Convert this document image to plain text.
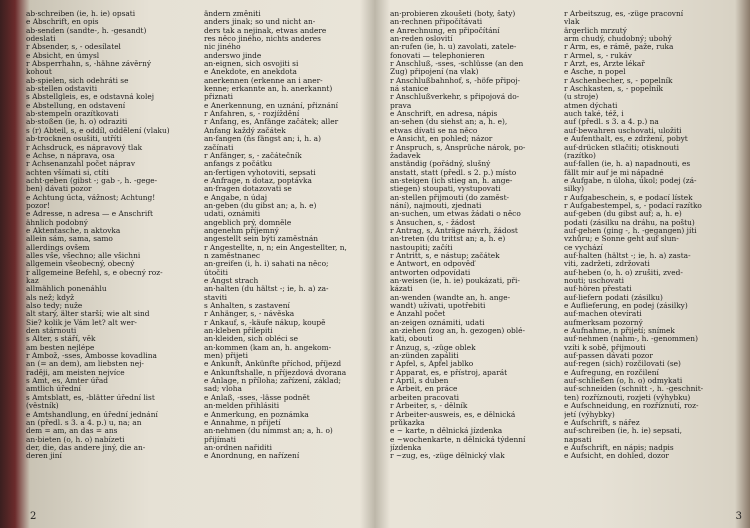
ab·schreiben (ie, h. ie) opsati
e Abschrift, en opis
ab·senden (sandte-, h. -gesandt)
odeslati
r Absender, s, - odesílatel
e Absicht, en úmysl
r Absperrhahn, s, -hähne závěrný
kohout
ab·spielen, sich odehráti se
ab·stellen odstaviti
s Abstellgleis, es, e odstavná kolej
e Abstellung, en odstavení
ab·stempeln orazítkovati
ab·stoßen (ie, h. o) odraziti
s (r) Abteil, s, e oddíl, oddělení (vlaku)
ab·trocknen osušiti, utříti
r Achsdruck, es nápravový tlak
e Achse, n náprava, osa
r Achsenanzahl počet náprav
achten všímati si, ctíti
acht·geben (gibst -; gab -, h. -gege-
ben) dávati pozor
e Achtung úcta, vážnost; Achtung!
pozor!
e Adresse, n adresa — e Anschrift
ähnlich podobný
e Aktentasche, n aktovka
allein sám, sama, samo
allerdings ovšem
alles vše, všechno; alle všichni
allgemein všeobecný, obecný
r allgemeine Befehl, s, e obecný roz-
kaz
allmählich ponenáhlu
als než; když
also tedy; nuže
alt starý, älter starší; wie alt sind
Sie? kolik je Vám let? alt wer-
den stárnouti
s Alter, s stáří, věk
am besten nejlépe
r Ambož, -sses, Ambosse kovadlina
an (= an dem), am liebsten nej-
raději, am meisten nejvíce
s Amt, es, Ämter úřad
amtlich úřední
s Amtsblatt, es, -blätter úřední list
(věstník)
e Amtshandlung, en úřední jednání
an (předl. s 3. a 4. p.) u, na; an
dem = am, an das = ans
an·bieten (o, h. o) nabízeti
der, die, das andere jiný, die an-
deren jiní
ändern změniti
anders jinak; so und nicht an-
ders tak a nejinak, etwas andere
res něco jiného, nichts anderes
nic jiného
anderswo jinde
an·eignen, sich osvojiti si
e Anekdote, en anekdota
anerkennen (erkenne an i aner-
kenne; erkannte an, h. anerkannt)
přiznati
e Anerkennung, en uznání, přiznání
r Anfahren, s, - rozjíždění
r Anfang, es, Anfänge začátek; aller
Anfang každý začátek
an·fangen (ňs fängst an; i, h. a)
začínati
r Anfänger, s, - začátečník
anfangs z počátku
an·fertigen vyhotoviti, sepsati
e Anfrage, n dotaz, poptávka
an·fragen dotazovati se
e Angabe, n údaj
an·geben (du gibst an; a, h. e)
udati, oznámiti
angeblich prý, domněle
angenehm příjemný
angestellt sein býti zaměstnán
r Angestellte, n, n; ein Angestellter, n,
n zaměstnanec
an·greifen (i, h. i) sahati na něco;
útočiti
e Angst strach
an·halten (du hältst -; ie, h. a) za-
staviti
s Anhalten, s zastavení
r Anhänger, s, - návěska
r Ankauf, s, -käufe nákup, koupě
an·kleben přilepiti
an·kleiden, sich obléci se
an·kommen (kam an, h. angekom-
men) přijeti
e Ankunft, Ankünfte příchod, příjezd
e Ankunftshalle, n příjezdová dvorana
e Anlage, n příloha; zařízení, základ;
sad; vloha
e Anlaß, -sses, -lässe podnět
an·melden přihlásiti
e Anmerkung, en poznámka
e Annahme, n přijetí
an·nehmen (du nimmst an; a, h. o)
přijímati
an·ordnen nařiditi
e Anordnung, en nařízení
2
an·probieren zkoušeti (boty, šaty)
an·rechnen připočítávati
e Anrechnung, en připočítání
an·reden oslovití
an·rufen (ie, h. u) zavolati, zatele-
fonovati — telephonieren
r Anschluß, -sses, -schlüsse (an den
Zug) připojení (na vlak)
r Anschlußbahnhof, s, -höfe připoj-
ná stanice
r Anschlußverkehr, s připojová do-
prava
e Anschrift, en adresa, nápis
an·sehen (du siehst an; a, h. e),
etwas dívati se na něco
e Ansicht, en pohled; názor
r Anspruch, s, Ansprüche nárok, po-
žadavek
anständig (pořádný, slušný
anstatt, statt (předl. s 2. p.) místo
an·steigen (ich stieg an, h. ange-
stiegen) stoupati, vystupovati
an·stellen přijmouti (do zaměst-
nání), najmouti, zjednati
an·suchen, um etwas žádati o něco
s Ansuchen, s, - žádost
r Antrag, s, Anträge návrh, žádost
an·treten (du trittst an; a, h. e)
nastoupiti; začíti
r Antritt, s, e nástup; začátek
e Antwort, en odpověď
antworten odpovídati
an·weisen (ie, h. ie) poukázati, při-
kázati
an·wenden (wandte an, h. ange-
wandt) užívati, upotřebiti
e Anzahl počet
an·zeigen oznámiti, udati
an·ziehen (zog an, h. gezogen) oblé-
kati, obouti
r Anzug, s, -züge oblek
an·zünden zapáliti
r Apfel, s, Äpfel jablko
r Apparat, es, e přístroj, aparát
r April, s duben
e Arbeit, en práce
arbeiten pracovati
r Arbeiter, s, - dělník
r Arbeiter-ausweis, es, e dělnická
průkazka
e ~ karte, n dělnická jízdenka
e ~wochenkarte, n dělnická týdenní
jízdenka
r ~zug, es, -züge dělnický vlak
r Arbeitszug, es, -züge pracovní
vlak
ärgerlich mrzutý
arm chudý, chudobný; ubohý
r Arm, es, e rámě, paže, ruka
r Ärmel, s, - rukáv
r Arzt, es, Ärzte lékař
e Asche, n popel
r Aschenbecher, s, - popelník
r Aschkasten, s, - popelník
(u stroje)
atmen dýchati
auch také, též, i
auf (předl. s 3. a 4. p.) na
auf·bewahren uschovati, uložiti
e Aufenthalt, es, e zdržení, pobyt
auf·drücken stlačiti; otisknouti
(razítko)
auf·fallen (ie, h. a) napadnouti, es
fällt mir auf je mi nápadné
e Aufgabe, n úloha, úkol; podej (zá-
silky)
r Aufgabeschein, s, e podací lístek
r Aufgabestempel, s, - podací razítko
auf·geben (du gibst auf; a, h. e)
podati (zásilku na dráhu, na poštu)
auf·gehen (ging -, h. -gegangen) jíti
vzhůru; e Sonne geht auf slun-
ce vychází
auf·halten (hältst -; ie, h. a) zasta-
viti, zadržeti, zdržovati
auf·heben (o, h. o) zrušiti, zved-
nouti; uschovati
auf·hören přestati
auf·liefern podati (zásilku)
e Auflieferung, en podej (zásilky)
auf·machen otevírati
aufmerksam pozorný
e Aufnahme, n přijetí; snímek
auf·nehmen (nahm-, h. -genommen)
vzíti k sobě, přijmouti
auf·passen dávati pozor
auf·regen (sich) rozčilovati (se)
e Aufregung, en rozčilení
auf·schließen (o, h. o) odmykati
auf·schneiden (schnitt -, h. -geschnit-
ten) rozříznouti, rozjeti (výhybku)
e Aufschneidung, en rozříznutí, roz-
jetí (výhybky)
e Aufschrift, s nářez
auf·schreiben (ie, h. ie) sepsati,
napsati
e Aufschrift, en nápis; nadpis
e Aufsicht, en dohled, dozor
3
